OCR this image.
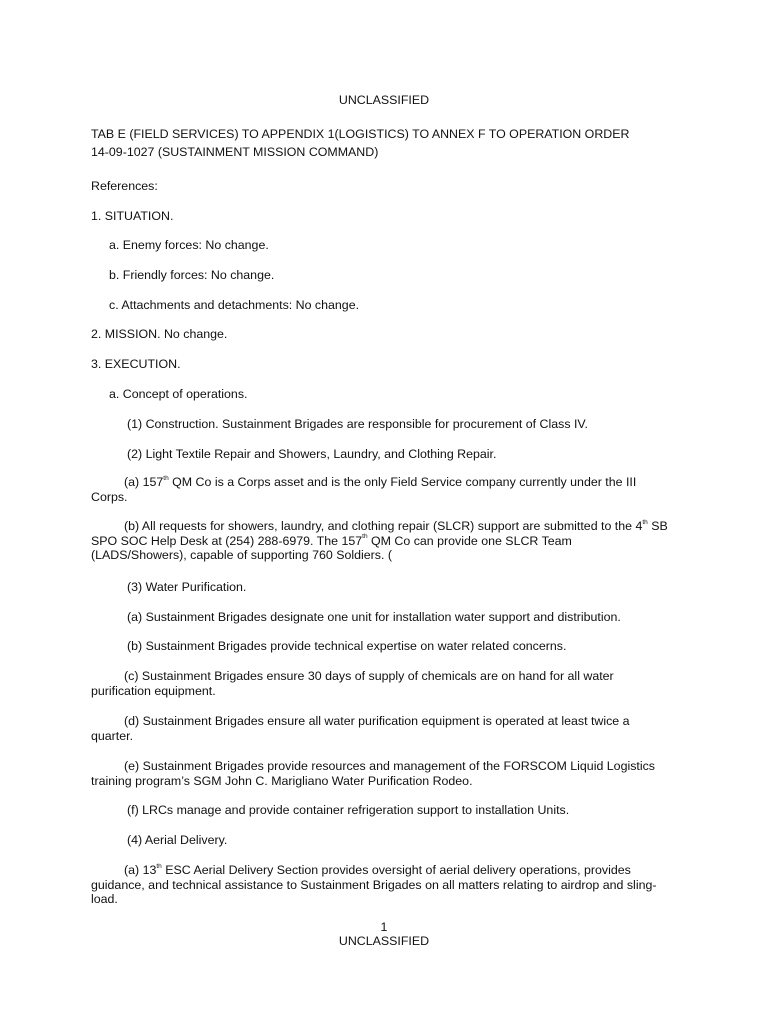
UNCLASSIFIED
TAB E (FIELD SERVICES) TO APPENDIX 1(LOGISTICS) TO ANNEX F TO OPERATION ORDER
14-09-1027 (SUSTAINMENT MISSION COMMAND)
References:
1. SITUATION.
a. Enemy forces: No change.
b. Friendly forces: No change.
c. Attachments and detachments: No change.
2. MISSION. No change.
3. EXECUTION.
a. Concept of operations.
(1) Construction. Sustainment Brigades are responsible for procurement of Class IV.
(2) Light Textile Repair and Showers, Laundry, and Clothing Repair.
(a) 157th QM Co is a Corps asset and is the only Field Service company currently under the III Corps.
(b) All requests for showers, laundry, and clothing repair (SLCR) support are submitted to the 4th SB SPO SOC Help Desk at (254) 288-6979. The 157th QM Co can provide one SLCR Team (LADS/Showers), capable of supporting 760 Soldiers. (
(3) Water Purification.
(a) Sustainment Brigades designate one unit for installation water support and distribution.
(b) Sustainment Brigades provide technical expertise on water related concerns.
(c) Sustainment Brigades ensure 30 days of supply of chemicals are on hand for all water purification equipment.
(d) Sustainment Brigades ensure all water purification equipment is operated at least twice a quarter.
(e) Sustainment Brigades provide resources and management of the FORSCOM Liquid Logistics training program’s SGM John C. Marigliano Water Purification Rodeo.
(f) LRCs manage and provide container refrigeration support to installation Units.
(4) Aerial Delivery.
(a) 13th ESC Aerial Delivery Section provides oversight of aerial delivery operations, provides guidance, and technical assistance to Sustainment Brigades on all matters relating to airdrop and sling-load.
1
UNCLASSIFIED
